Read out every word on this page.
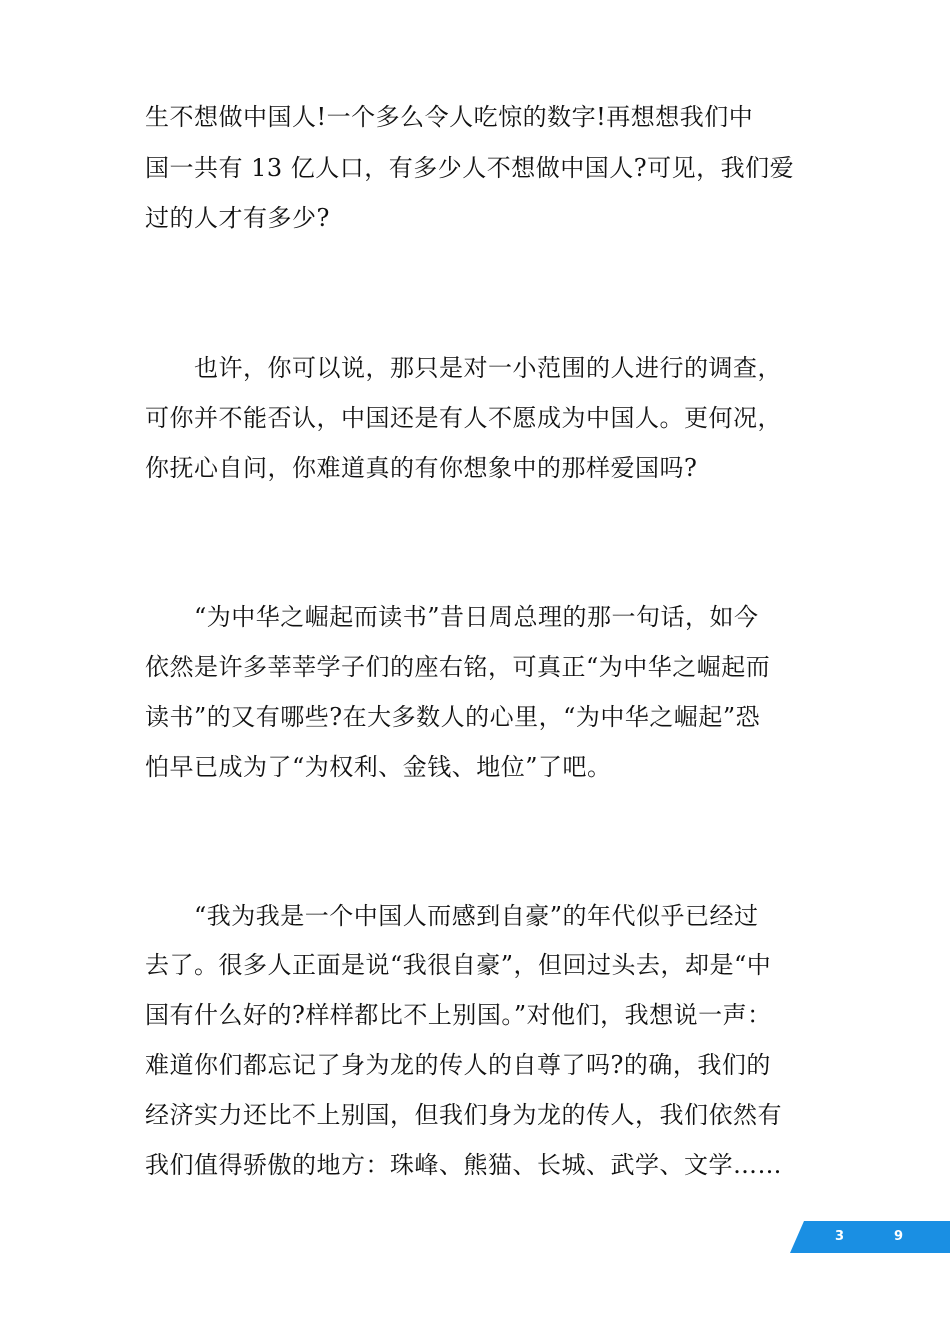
生不想做中国人!一个多么令人吃惊的数字!再想想我们中
国一共有 13 亿人口，有多少人不想做中国人?可见，我们爱
过的人才有多少?
　　也许，你可以说，那只是对一小范围的人进行的调查，
可你并不能否认，中国还是有人不愿成为中国人。更何况，
你抚心自问，你难道真的有你想象中的那样爱国吗?
　　“为中华之崛起而读书”昔日周总理的那一句话，如今
依然是许多莘莘学子们的座右铭，可真正“为中华之崛起而
读书”的又有哪些?在大多数人的心里，“为中华之崛起”恐
怕早已成为了“为权利、金钱、地位”了吧。
　　“我为我是一个中国人而感到自豪”的年代似乎已经过
去了。很多人正面是说“我很自豪”，但回过头去，却是“中
国有什么好的?样样都比不上别国。”对他们，我想说一声：
难道你们都忘记了身为龙的传人的自尊了吗?的确，我们的
经济实力还比不上别国，但我们身为龙的传人，我们依然有
我们值得骄傲的地方：珠峰、熊猫、长城、武学、文学……
3	9
